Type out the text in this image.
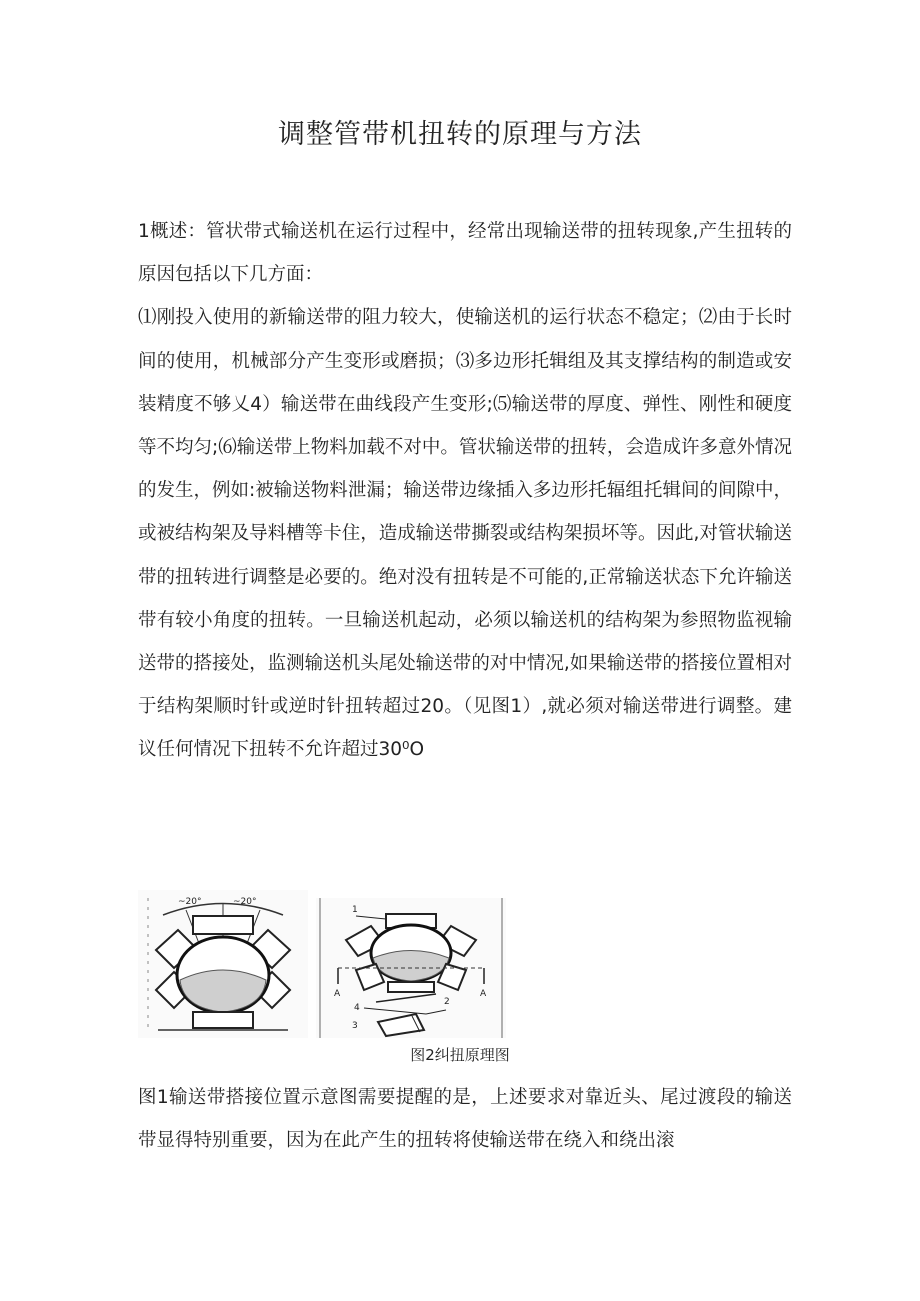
调整管带机扭转的原理与方法

1概述：管状带式输送机在运行过程中，经常出现输送带的扭转现象,产生扭转的原因包括以下几方面：

⑴刚投入使用的新输送带的阻力较大，使输送机的运行状态不稳定；⑵由于长时间的使用，机械部分产生变形或磨损；⑶多边形托辑组及其支撑结构的制造或安装精度不够乂4）输送带在曲线段产生变形;⑸输送带的厚度、弹性、刚性和硬度等不均匀;⑹输送带上物料加载不对中。管状输送带的扭转，会造成许多意外情况的发生，例如:被输送物料泄漏；输送带边缘插入多边形托辐组托辑间的间隙中，或被结构架及导料槽等卡住，造成输送带撕裂或结构架损坏等。因此,对管状输送带的扭转进行调整是必要的。绝对没有扭转是不可能的,正常输送状态下允许输送带有较小角度的扭转。一旦输送机起动，必须以输送机的结构架为参照物监视输送带的搭接处，监测输送机头尾处输送带的对中情况,如果输送带的搭接位置相对于结构架顺时针或逆时针扭转超过20。（见图1）,就必须对输送带进行调整。建议任何情况下扭转不允许超过30⁰O

~20°	~20°
1
A	A
2
4
3
图2纠扭原理图

图1输送带搭接位置示意图需要提醒的是，上述要求对靠近头、尾过渡段的输送带显得特别重要，因为在此产生的扭转将使输送带在绕入和绕出滚
